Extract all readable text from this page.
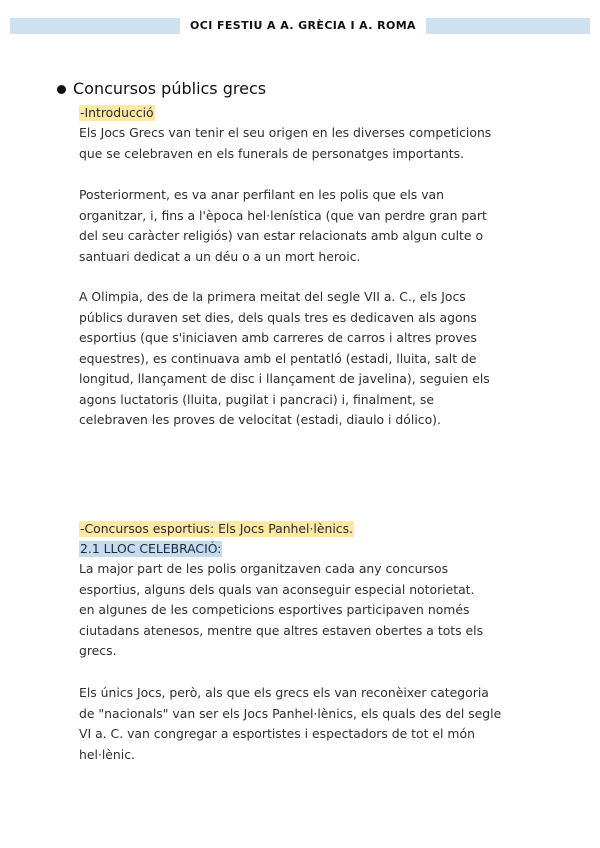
OCI FESTIU A A. GRÈCIA I A. ROMA
Concursos públics grecs
-Introducció
Els Jocs Grecs van tenir el seu origen en les diverses competicions
que se celebraven en els funerals de personatges importants.
Posteriorment, es va anar perfilant en les polis que els van
organitzar, i, fins a l'època hel·lenística (que van perdre gran part
del seu caràcter religiós) van estar relacionats amb algun culte o
santuari dedicat a un déu o a un mort heroic.
A Olimpia, des de la primera meitat del segle VII a. C., els Jocs
públics duraven set dies, dels quals tres es dedicaven als agons
esportius (que s'iniciaven amb carreres de carros i altres proves
equestres), es continuava amb el pentatló (estadi, lluita, salt de
longitud, llançament de disc i llançament de javelina), seguien els
agons luctatoris (lluita, pugilat i pancraci) i, finalment, se
celebraven les proves de velocitat (estadi, diaulo i dólico).
-Concursos esportius: Els Jocs Panhel·lènics.
2.1 LLOC CELEBRACIÓ:
La major part de les polis organitzaven cada any concursos
esportius, alguns dels quals van aconseguir especial notorietat.
en algunes de les competicions esportives participaven només
ciutadans atenesos, mentre que altres estaven obertes a tots els
grecs.
Els únics Jocs, però, als que els grecs els van reconèixer categoria
de "nacionals" van ser els Jocs Panhel·lènics, els quals des del segle
VI a. C. van congregar a esportistes i espectadors de tot el món
hel·lènic.
